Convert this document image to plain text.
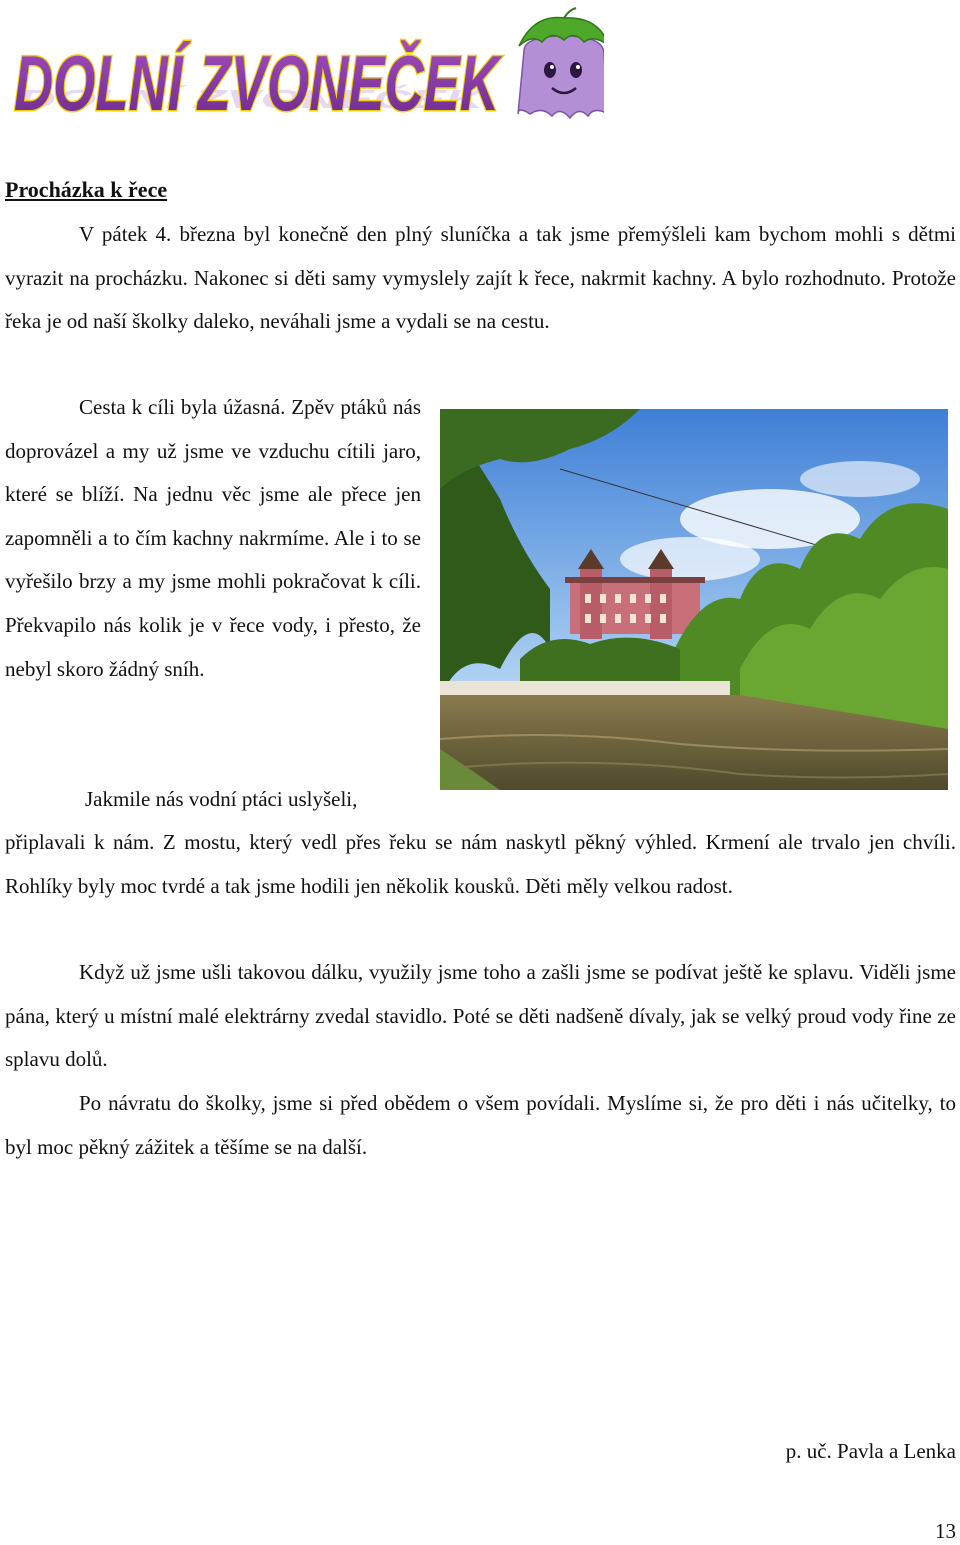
DOLNÍ ZVONEČEK
DOLNÍ ZVONEČEK
Procházka k řece

V pátek 4. března byl konečně den plný sluníčka a tak jsme přemýšleli kam bychom mohli s dětmi vyrazit na procházku. Nakonec si děti samy vymyslely zajít k řece, nakrmit kachny. A bylo rozhodnuto. Protože řeka je od naší školky daleko, neváhali jsme a vydali se na cestu.

Cesta k cíli byla úžasná. Zpěv ptáků nás doprovázel a my už jsme ve vzduchu cítili jaro, které se blíží. Na jednu věc jsme ale přece jen zapomněli a to čím kachny nakrmíme. Ale i to se vyřešilo brzy a my jsme mohli pokračovat k cíli. Překvapilo nás kolik je v řece vody, i přesto, že nebyl skoro žádný sníh.

Jakmile nás vodní ptáci uslyšeli,

připlavali k nám. Z mostu, který vedl přes řeku se nám naskytl pěkný výhled. Krmení ale trvalo jen chvíli. Rohlíky byly moc tvrdé a tak jsme hodili jen několik kousků. Děti měly velkou radost.

Když už jsme ušli takovou dálku, využily jsme toho a zašli jsme se podívat ještě ke splavu. Viděli jsme pána, který u místní malé elektrárny zvedal stavidlo. Poté se děti nadšeně dívaly, jak se velký proud vody řine ze splavu dolů.

Po návratu do školky, jsme si před obědem o všem povídali. Myslíme si, že pro děti i nás učitelky, to byl moc pěkný zážitek a těšíme se na další.

p. uč. Pavla a Lenka

13
